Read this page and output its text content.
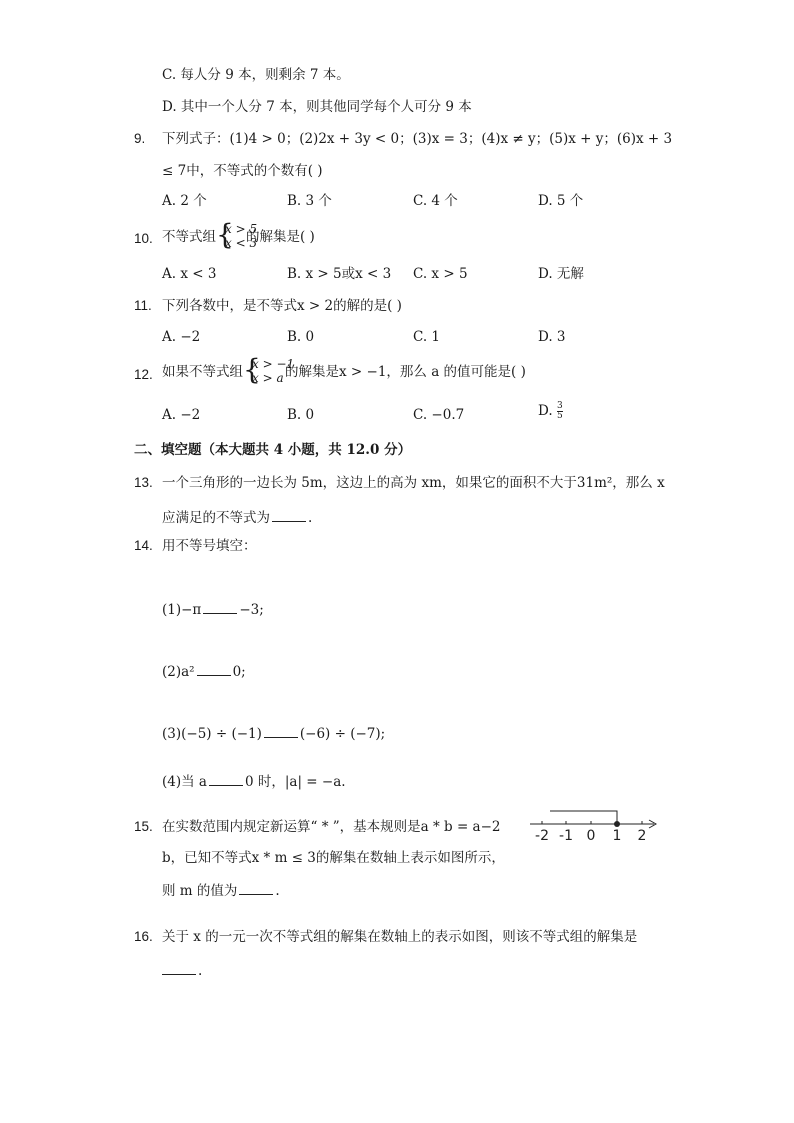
C. 每人分 9 本，则剩余 7 本。
D. 其中一个人分 7 本，则其他同学每个人可分 9 本
9. 下列式子：(1)4 > 0；(2)2x + 3y < 0；(3)x = 3；(4)x ≠ y；(5)x + y；(6)x + 3
≤ 7中，不等式的个数有( )
A. 2 个	B. 3 个	C. 4 个	D. 5 个
10. 不等式组 {
x > 5
x < 3
的解集是( )
A. x < 3	B. x > 5或x < 3 C. x > 5	D. 无解
11. 下列各数中，是不等式x > 2的解的是( )
A. −2	B. 0	C. 1	D. 3
12. 如果不等式组 {
x > −1
x > a 的解集是x > −1，那么 a 的值可能是( )
A. −2	B. 0	C. −0.7	D. $\frac{3}{5}$
二、填空题（本大题共 4 小题，共 12.0 分）
13. 一个三角形的一边长为 5m，这边上的高为 xm，如果它的面积不大于31m²，那么 x
应满足的不等式为	.
14. 用不等号填空：
(1)−π	−3;
(2)a²	0;
(3)(−5) ÷ (−1)	(−6) ÷ (−7);
(4)当 a	0 时，|a| = −a.
15. 在实数范围内规定新运算“ * ”，基本规则是a * b = a−2
b，已知不等式x * m ≤ 3的解集在数轴上表示如图所示，
则 m 的值为	.
-2 -1 0 1 2
16. 关于 x 的一元一次不等式组的解集在数轴上的表示如图，则该不等式组的解集是
.
